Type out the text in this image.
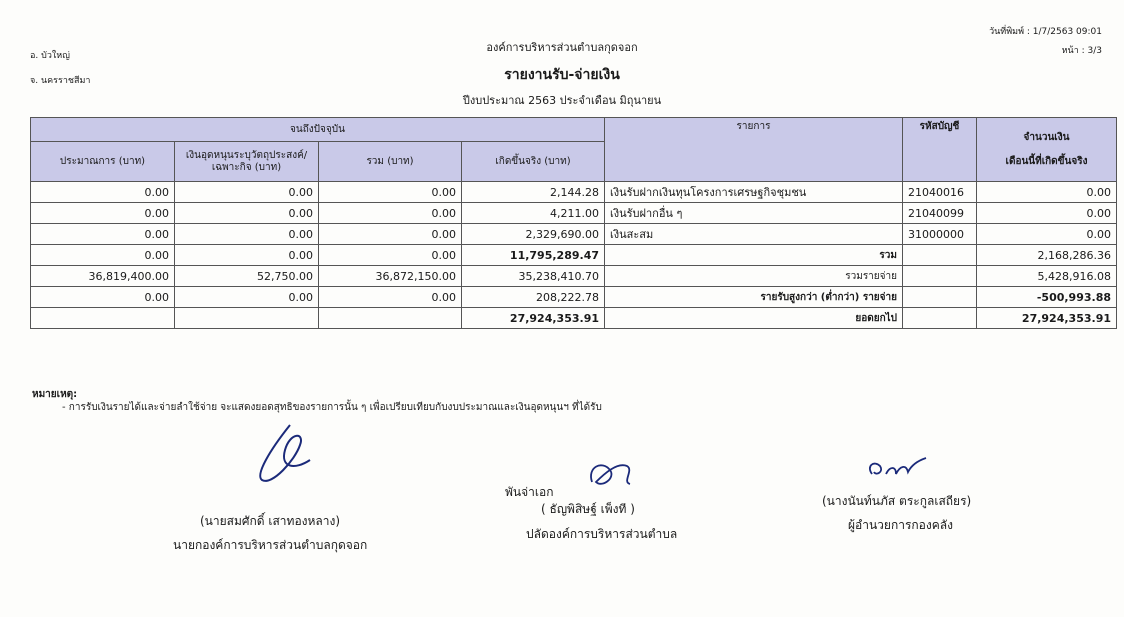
วันที่พิมพ์ : 1/7/2563 09:01
หน้า : 3/3
อ. บัวใหญ่
จ. นครราชสีมา
องค์การบริหารส่วนตำบลกุดจอก
รายงานรับ-จ่ายเงิน
ปีงบประมาณ 2563 ประจำเดือน มิถุนายน
จนถึงปัจจุบัน				รายการ	รหัสบัญชี	จำนวนเงิน
เดือนนี้ที่เกิดขึ้นจริง

ประมาณการ (บาท)	เงินอุดหนุนระบุวัตถุประสงค์/เฉพาะกิจ (บาท)	รวม (บาท)	เกิดขึ้นจริง (บาท)			
0.00	0.00	0.00	2,144.28	เงินรับฝากเงินทุนโครงการเศรษฐกิจชุมชน	21040016	0.00
0.00	0.00	0.00	4,211.00	เงินรับฝากอื่น ๆ	21040099	0.00
0.00	0.00	0.00	2,329,690.00	เงินสะสม	31000000	0.00
0.00	0.00	0.00	11,795,289.47	รวม		2,168,286.36
36,819,400.00	52,750.00	36,872,150.00	35,238,410.70	รวมรายจ่าย		5,428,916.08
0.00	0.00	0.00	208,222.78	รายรับสูงกว่า (ต่ำกว่า) รายจ่าย		-500,993.88
			27,924,353.91	ยอดยกไป		27,924,353.91
หมายเหตุ:
- การรับเงินรายได้และจ่ายลำใช้จ่าย จะแสดงยอดสุทธิของรายการนั้น ๆ เพื่อเปรียบเทียบกับงบประมาณและเงินอุดหนุนฯ ที่ได้รับ
(นายสมศักดิ์ เสาทองหลาง)
นายกองค์การบริหารส่วนตำบลกุดจอก
พันจ่าเอก
( ธัญพิสิษฐ์ เพ็งที )
ปลัดองค์การบริหารส่วนตำบล
(นางนันท์นภัส ตระกูลเสถียร)
ผู้อำนวยการกองคลัง
